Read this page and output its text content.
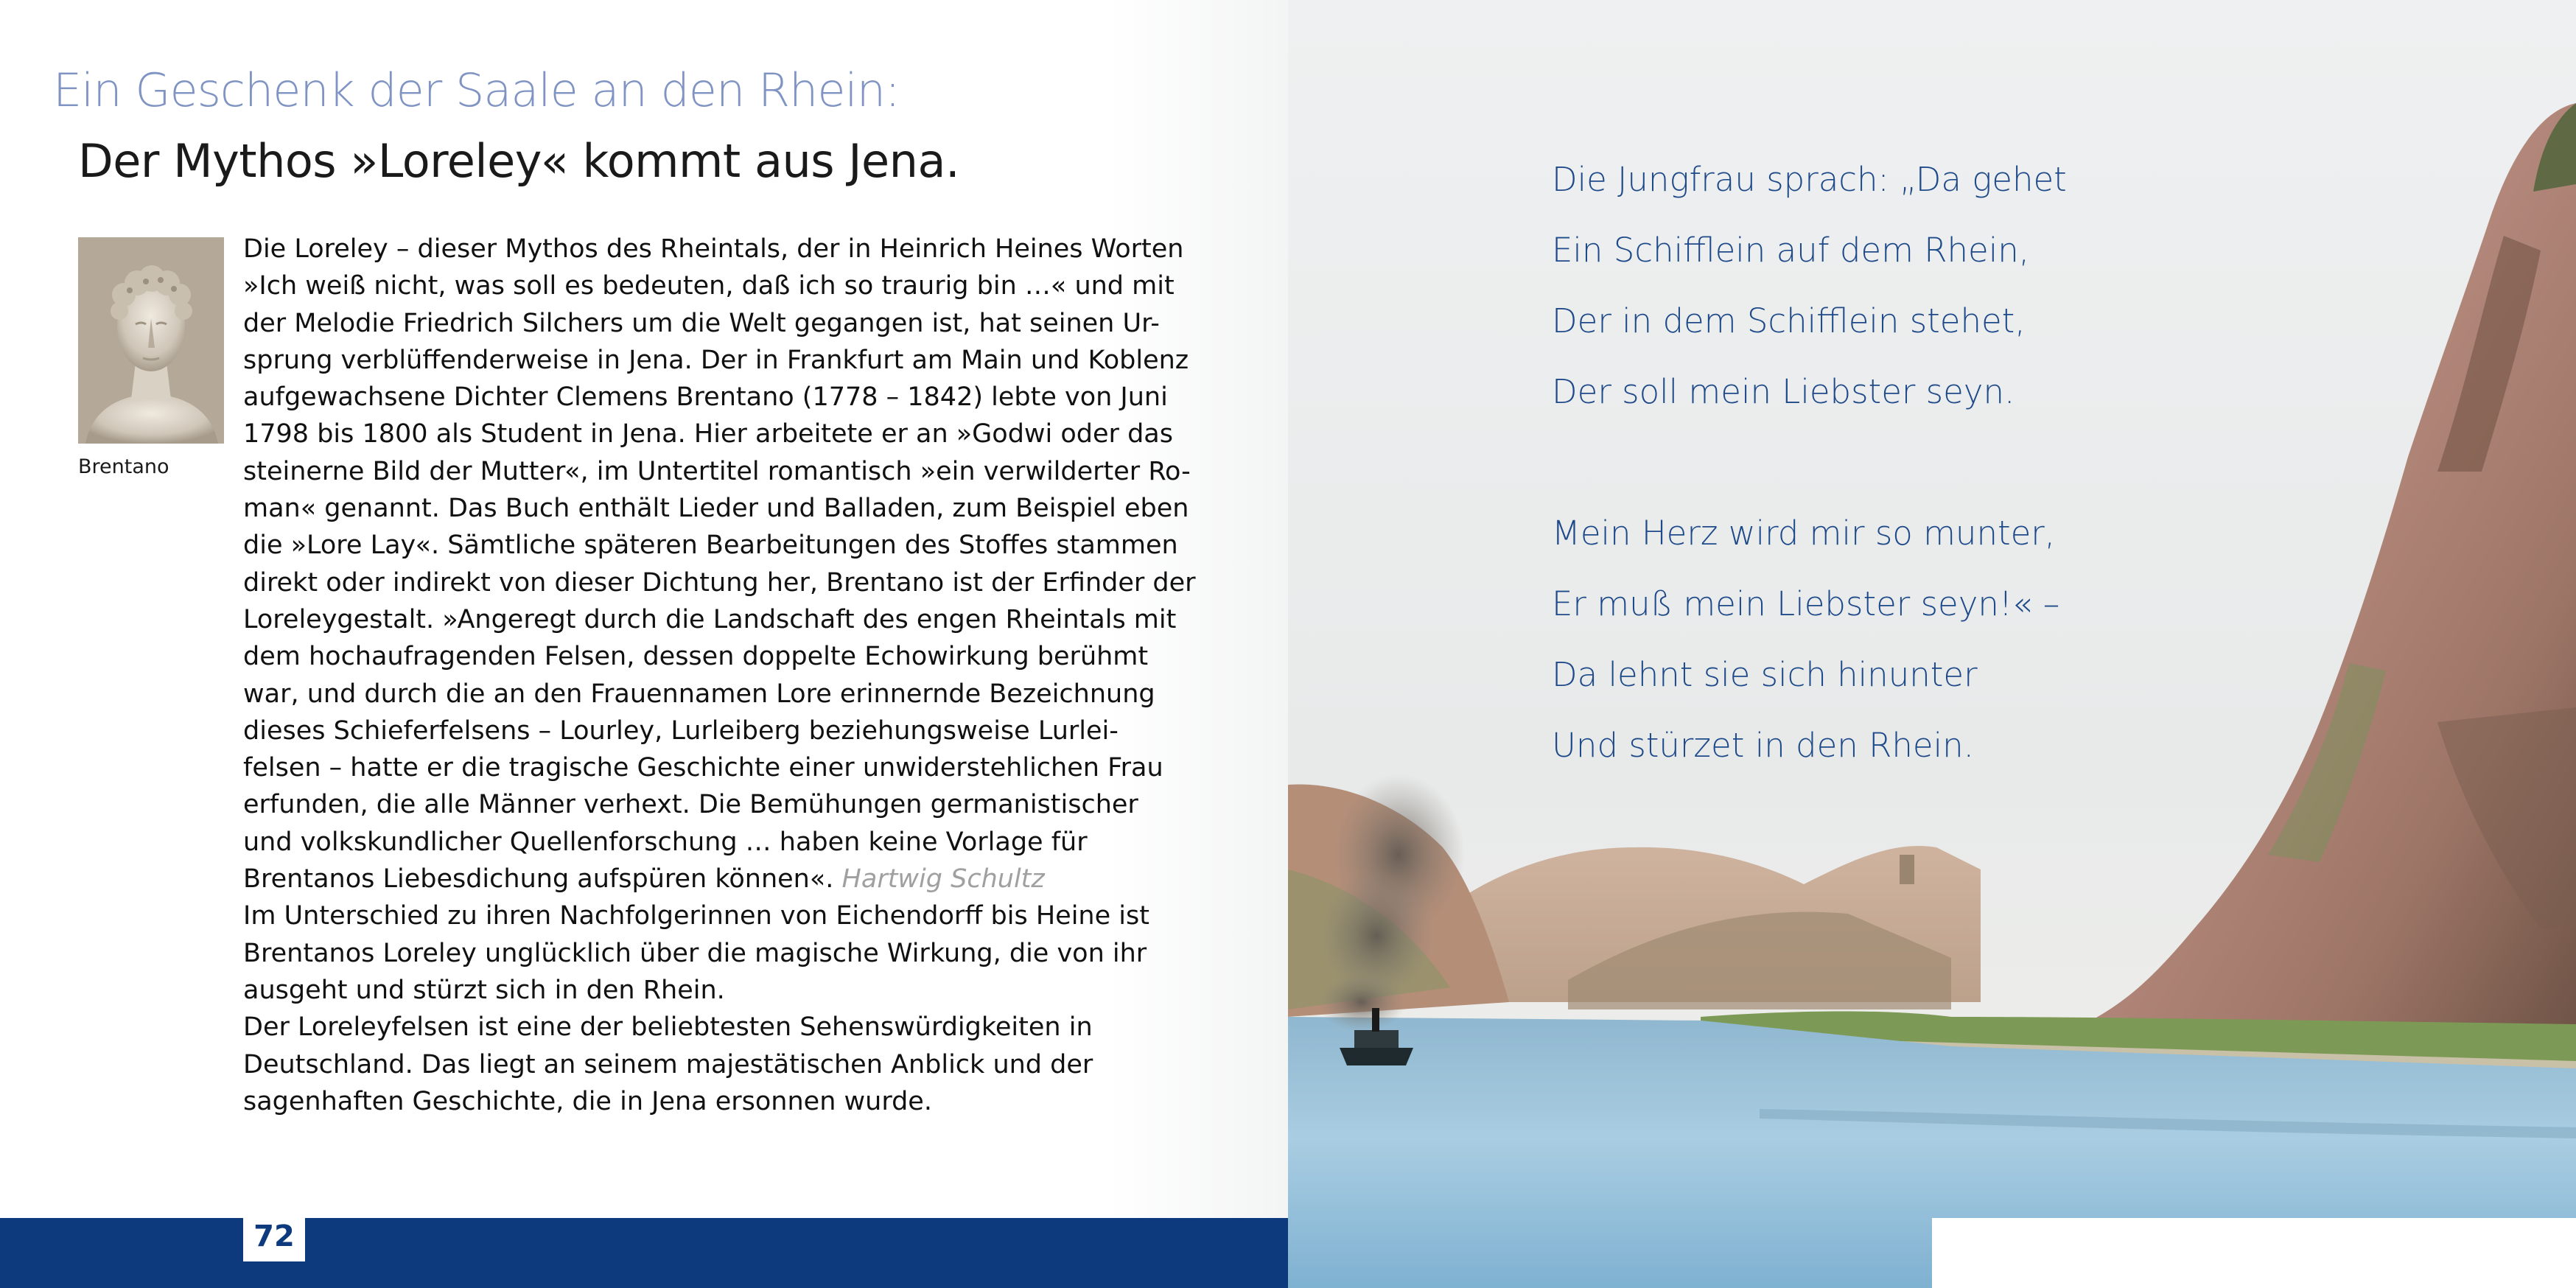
Ein Geschenk der Saale an den Rhein:
Der Mythos »Loreley« kommt aus Jena.
Brentano

Die Loreley – dieser Mythos des Rheintals, der in Heinrich Heines Worten
»Ich weiß nicht, was soll es bedeuten, daß ich so traurig bin …« und mit
der Melodie Friedrich Silchers um die Welt gegangen ist, hat seinen Ur-
sprung verblüffenderweise in Jena. Der in Frankfurt am Main und Koblenz
aufgewachsene Dichter Clemens Brentano (1778 – 1842) lebte von Juni
1798 bis 1800 als Student in Jena. Hier arbeitete er an »Godwi oder das
steinerne Bild der Mutter«, im Untertitel romantisch »ein verwilderter Ro-
man« genannt. Das Buch enthält Lieder und Balladen, zum Beispiel eben
die »Lore Lay«. Sämtliche späteren Bearbeitungen des Stoffes stammen
direkt oder indirekt von dieser Dichtung her, Brentano ist der Erfinder der
Loreleygestalt. »Angeregt durch die Landschaft des engen Rheintals mit
dem hochaufragenden Felsen, dessen doppelte Echowirkung berühmt
war, und durch die an den Frauennamen Lore erinnernde Bezeichnung
dieses Schieferfelsens – Lourley, Lurleiberg beziehungsweise Lurlei-
felsen – hatte er die tragische Geschichte einer unwiderstehlichen Frau
erfunden, die alle Männer verhext. Die Bemühungen germanistischer
und volkskundlicher Quellenforschung … haben keine Vorlage für
Brentanos Liebesdichung aufspüren können«. Hartwig Schultz

Im Unterschied zu ihren Nachfolgerinnen von Eichendorff bis Heine ist
Brentanos Loreley unglücklich über die magische Wirkung, die von ihr
ausgeht und stürzt sich in den Rhein.

Der Loreleyfelsen ist eine der beliebtesten Sehenswürdigkeiten in
Deutschland. Das liegt an seinem majestätischen Anblick und der
sagenhaften Geschichte, die in Jena ersonnen wurde.

72
Die Jungfrau sprach: „Da gehet
Ein Schifflein auf dem Rhein,
Der in dem Schifflein stehet,
Der soll mein Liebster seyn.
Mein Herz wird mir so munter,
Er muß mein Liebster seyn!« –
Da lehnt sie sich hinunter
Und stürzet in den Rhein.
